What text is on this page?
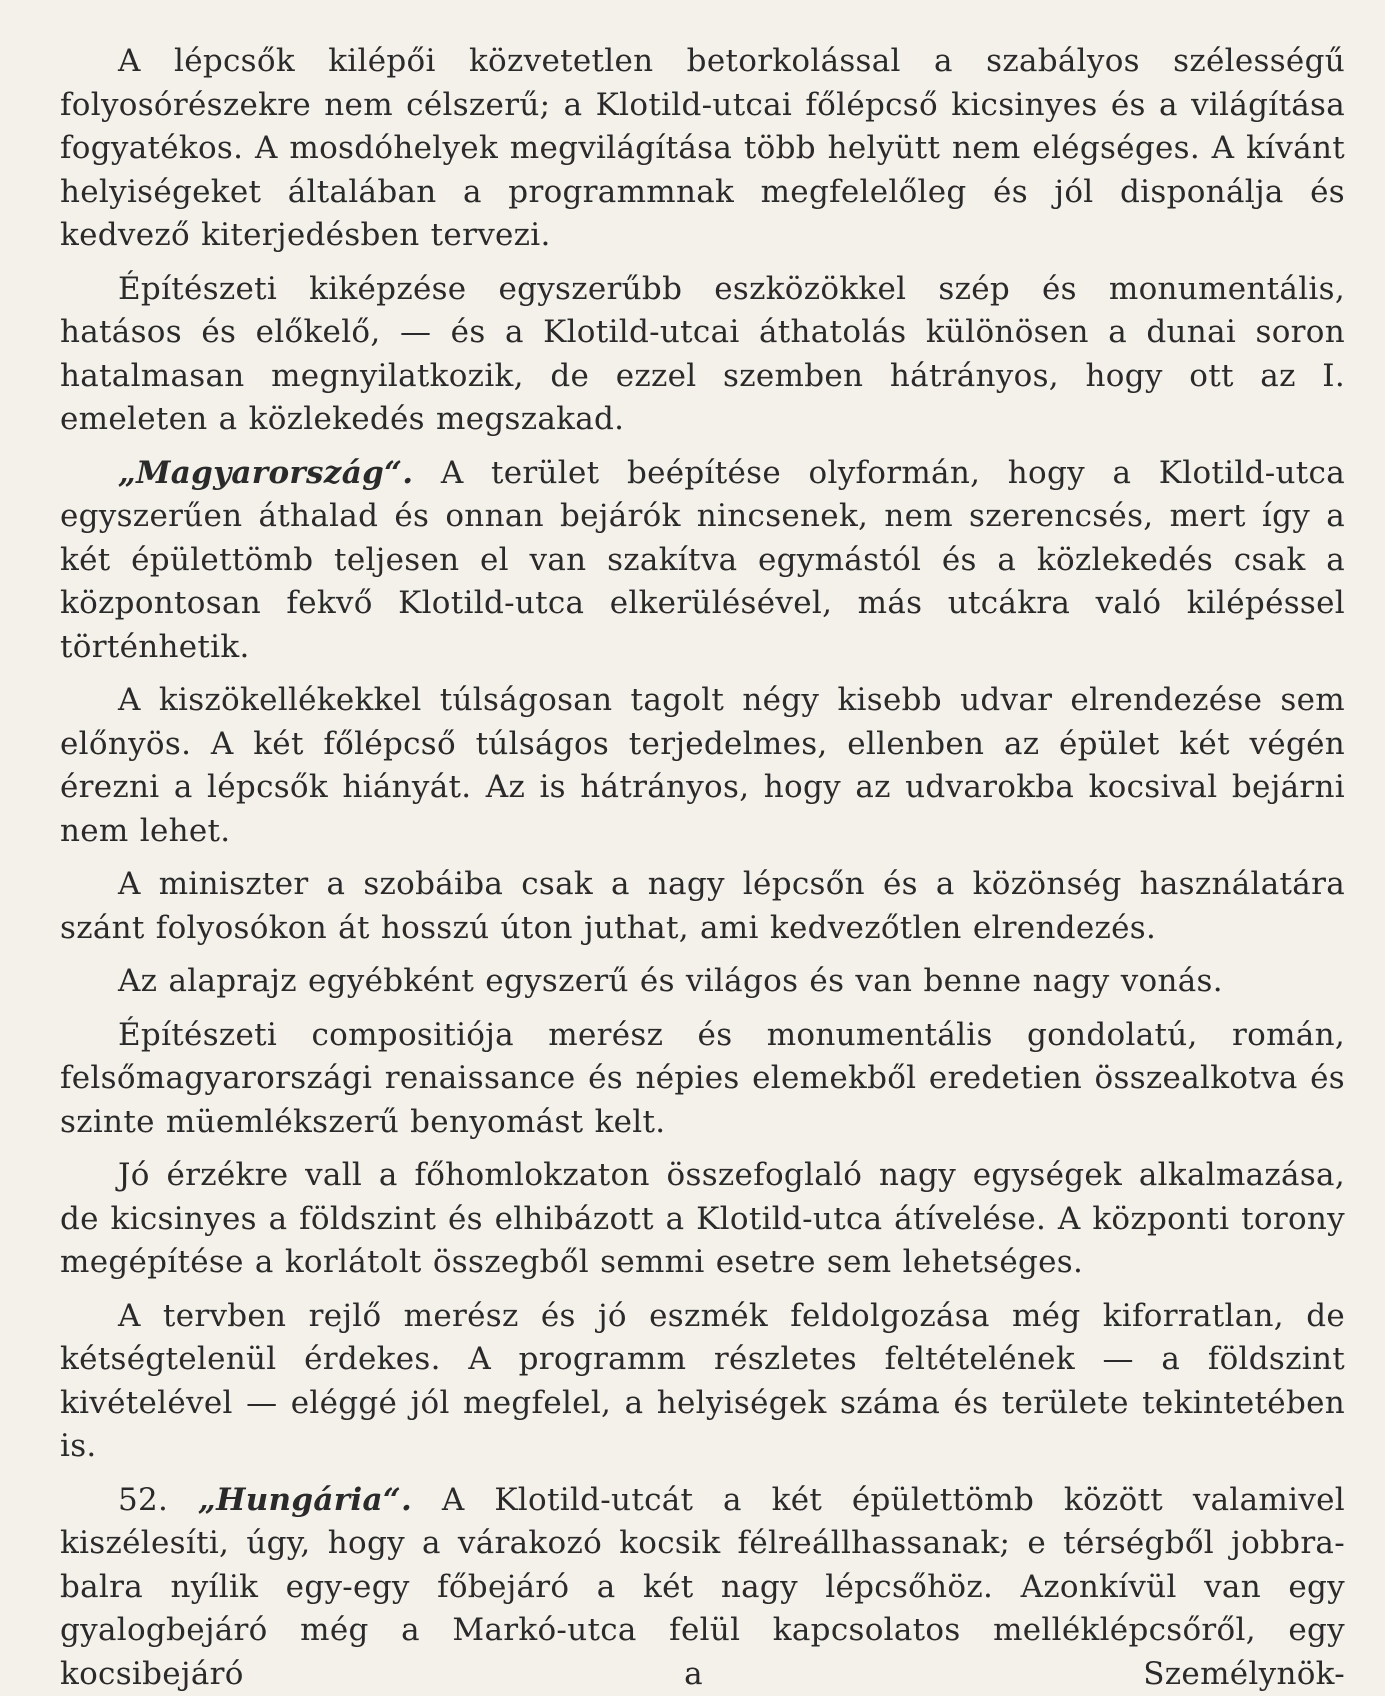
A lépcsők kilépői közvetetlen betorkolással a szabályos szélességű folyosórészekre nem célszerű; a Klotild-utcai főlépcső kicsinyes és a világítása fogyatékos. A mosdóhelyek megvilágítása több helyütt nem elégséges. A kívánt helyiségeket általában a programmnak megfelelőleg és jól disponálja és kedvező kiterjedésben tervezi.

Építészeti kiképzése egyszerűbb eszközökkel szép és monumentális, hatásos és előkelő, — és a Klotild-utcai áthatolás különösen a dunai soron hatalmasan megnyilatkozik, de ezzel szemben hátrányos, hogy ott az I. emeleten a közlekedés megszakad.

„Magyarország“. A terület beépítése olyformán, hogy a Klotild-utca egyszerűen áthalad és onnan bejárók nincsenek, nem szerencsés, mert így a két épülettömb teljesen el van szakítva egymástól és a közlekedés csak a központosan fekvő Klotild-utca elkerülésével, más utcákra való kilépéssel történhetik.

A kiszökellékekkel túlságosan tagolt négy kisebb udvar elrendezése sem előnyös. A két főlépcső túlságos terjedelmes, ellenben az épület két végén érezni a lépcsők hiányát. Az is hátrányos, hogy az udvarokba kocsival bejárni nem lehet.

A miniszter a szobáiba csak a nagy lépcsőn és a közönség használatára szánt folyosókon át hosszú úton juthat, ami kedvezőtlen elrendezés.

Az alaprajz egyébként egyszerű és világos és van benne nagy vonás.

Építészeti compositiója merész és monumentális gondolatú, román, felsőmagyarországi renaissance és népies elemekből eredetien összealkotva és szinte müemlékszerű benyomást kelt.

Jó érzékre vall a főhomlokzaton összefoglaló nagy egységek alkalmazása, de kicsinyes a földszint és elhibázott a Klotild-utca átívelése. A központi torony megépítése a korlátolt összegből semmi esetre sem lehetséges.

A tervben rejlő merész és jó eszmék feldolgozása még kiforratlan, de kétségtelenül érdekes. A programm részletes feltételének — a földszint kivételével — eléggé jól megfelel, a helyiségek száma és területe tekintetében is.

52. „Hungária“. A Klotild-utcát a két épülettömb között valamivel kiszélesíti, úgy, hogy a várakozó kocsik félreállhassanak; e térségből jobbra-balra nyílik egy-egy főbejáró a két nagy lépcsőhöz. Azonkívül van egy gyalogbejáró még a Markó-utca felül kapcsolatos melléklépcsőről, egy kocsibejáró a Személynök-
